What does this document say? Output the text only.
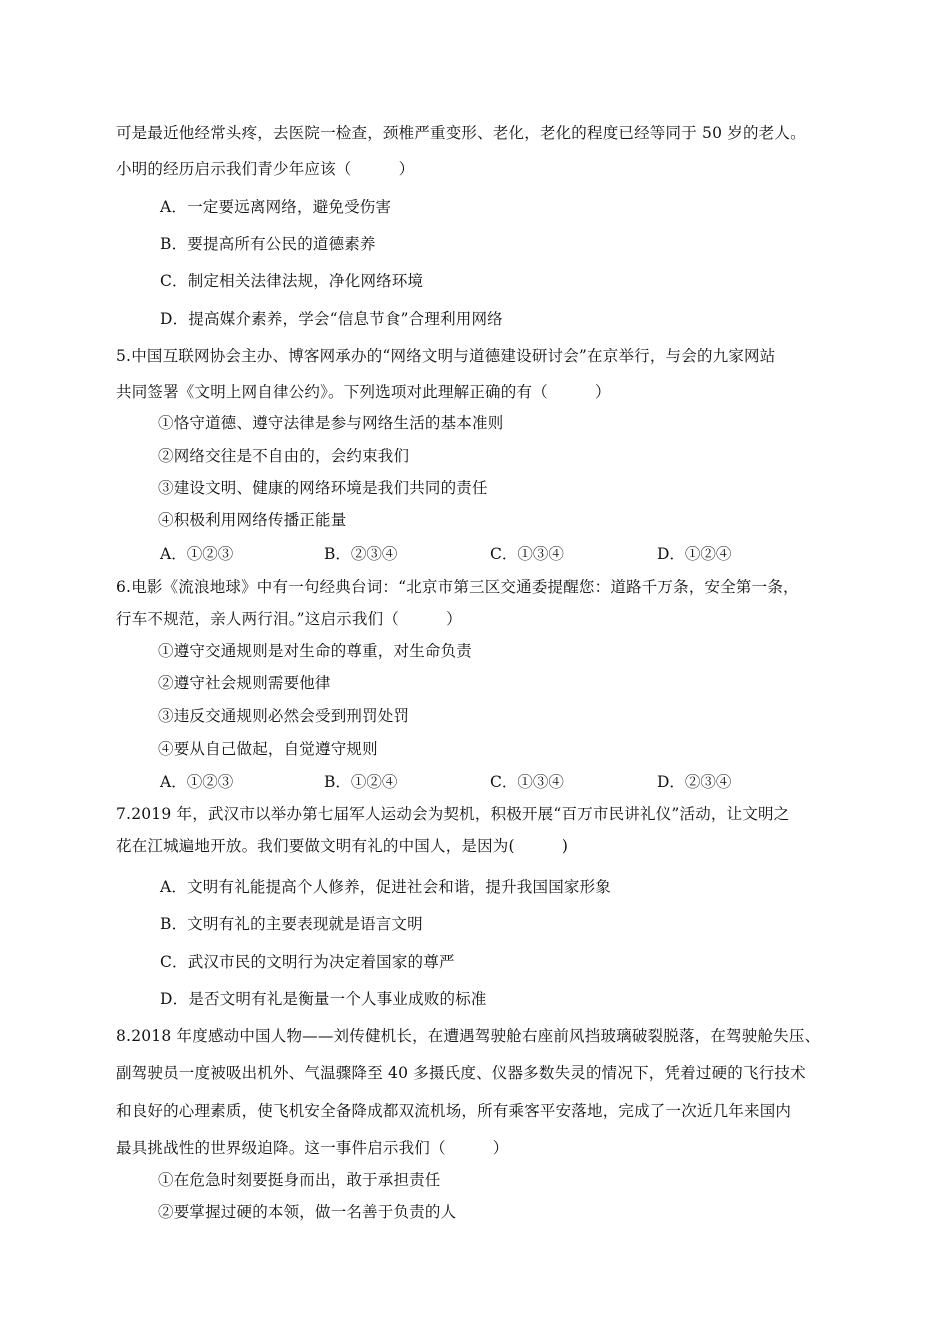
可是最近他经常头疼，去医院一检查，颈椎严重变形、老化，老化的程度已经等同于 50 岁的老人。
小明的经历启示我们青少年应该（　　　）
A．一定要远离网络，避免受伤害
B．要提高所有公民的道德素养
C．制定相关法律法规，净化网络环境
D．提高媒介素养，学会“信息节食”合理利用网络
5.中国互联网协会主办、博客网承办的“网络文明与道德建设研讨会”在京举行，与会的九家网站
共同签署《文明上网自律公约》。下列选项对此理解正确的有（　　　）
①恪守道德、遵守法律是参与网络生活的基本准则
②网络交往是不自由的，会约束我们
③建设文明、健康的网络环境是我们共同的责任
④积极利用网络传播正能量
A．①②③	B．②③④	C．①③④	D．①②④
6.电影《流浪地球》中有一句经典台词：“北京市第三区交通委提醒您：道路千万条，安全第一条，
行车不规范，亲人两行泪。”这启示我们（　　　）
①遵守交通规则是对生命的尊重，对生命负责
②遵守社会规则需要他律
③违反交通规则必然会受到刑罚处罚
④要从自己做起，自觉遵守规则
A．①②③	B．①②④	C．①③④	D．②③④
7.2019 年，武汉市以举办第七届军人运动会为契机，积极开展“百万市民讲礼仪”活动，让文明之
花在江城遍地开放。我们要做文明有礼的中国人，是因为(　　　)
A．文明有礼能提高个人修养，促进社会和谐，提升我国国家形象
B．文明有礼的主要表现就是语言文明
C．武汉市民的文明行为决定着国家的尊严
D．是否文明有礼是衡量一个人事业成败的标准
8.2018 年度感动中国人物——刘传健机长，在遭遇驾驶舱右座前风挡玻璃破裂脱落，在驾驶舱失压、
副驾驶员一度被吸出机外、气温骤降至 40 多摄氏度、仪器多数失灵的情况下，凭着过硬的飞行技术
和良好的心理素质，使飞机安全备降成都双流机场，所有乘客平安落地，完成了一次近几年来国内
最具挑战性的世界级迫降。这一事件启示我们（　　　）
①在危急时刻要挺身而出，敢于承担责任
②要掌握过硬的本领，做一名善于负责的人
